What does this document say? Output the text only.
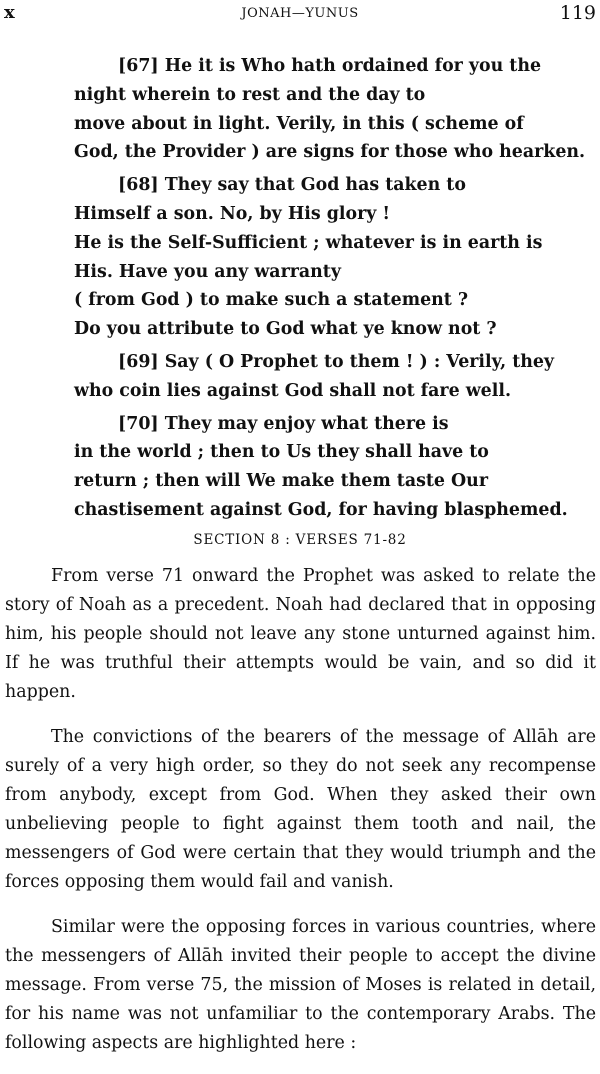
x	JONAH—YUNUS	119
[67] He it is Who hath ordained for you the
night wherein to rest and the day to
move about in light. Verily, in this ( scheme of
God, the Provider ) are signs for those who hearken.
[68] They say that God has taken to
Himself a son. No, by His glory !
He is the Self-Sufficient ; whatever is in earth is
His. Have you any warranty
( from God ) to make such a statement ?
Do you attribute to God what ye know not ?
[69] Say ( O Prophet to them ! ) : Verily, they
who coin lies against God shall not fare well.
[70] They may enjoy what there is
in the world ; then to Us they shall have to
return ; then will We make them taste Our
chastisement against God, for having blasphemed.
SECTION 8 : VERSES 71-82

From verse 71 onward the Prophet was asked to relate the story of Noah as a precedent. Noah had declared that in opposing him, his people should not leave any stone unturned against him. If he was truthful their attempts would be vain, and so did it happen.

The convictions of the bearers of the message of Allāh are surely of a very high order, so they do not seek any recompense from anybody, except from God. When they asked their own unbelieving people to fight against them tooth and nail, the messengers of God were certain that they would triumph and the forces opposing them would fail and vanish.

Similar were the opposing forces in various countries, where the messengers of Allāh invited their people to accept the divine message. From verse 75, the mission of Moses is related in detail, for his name was not unfamiliar to the contemporary Arabs. The following aspects are highlighted here :
